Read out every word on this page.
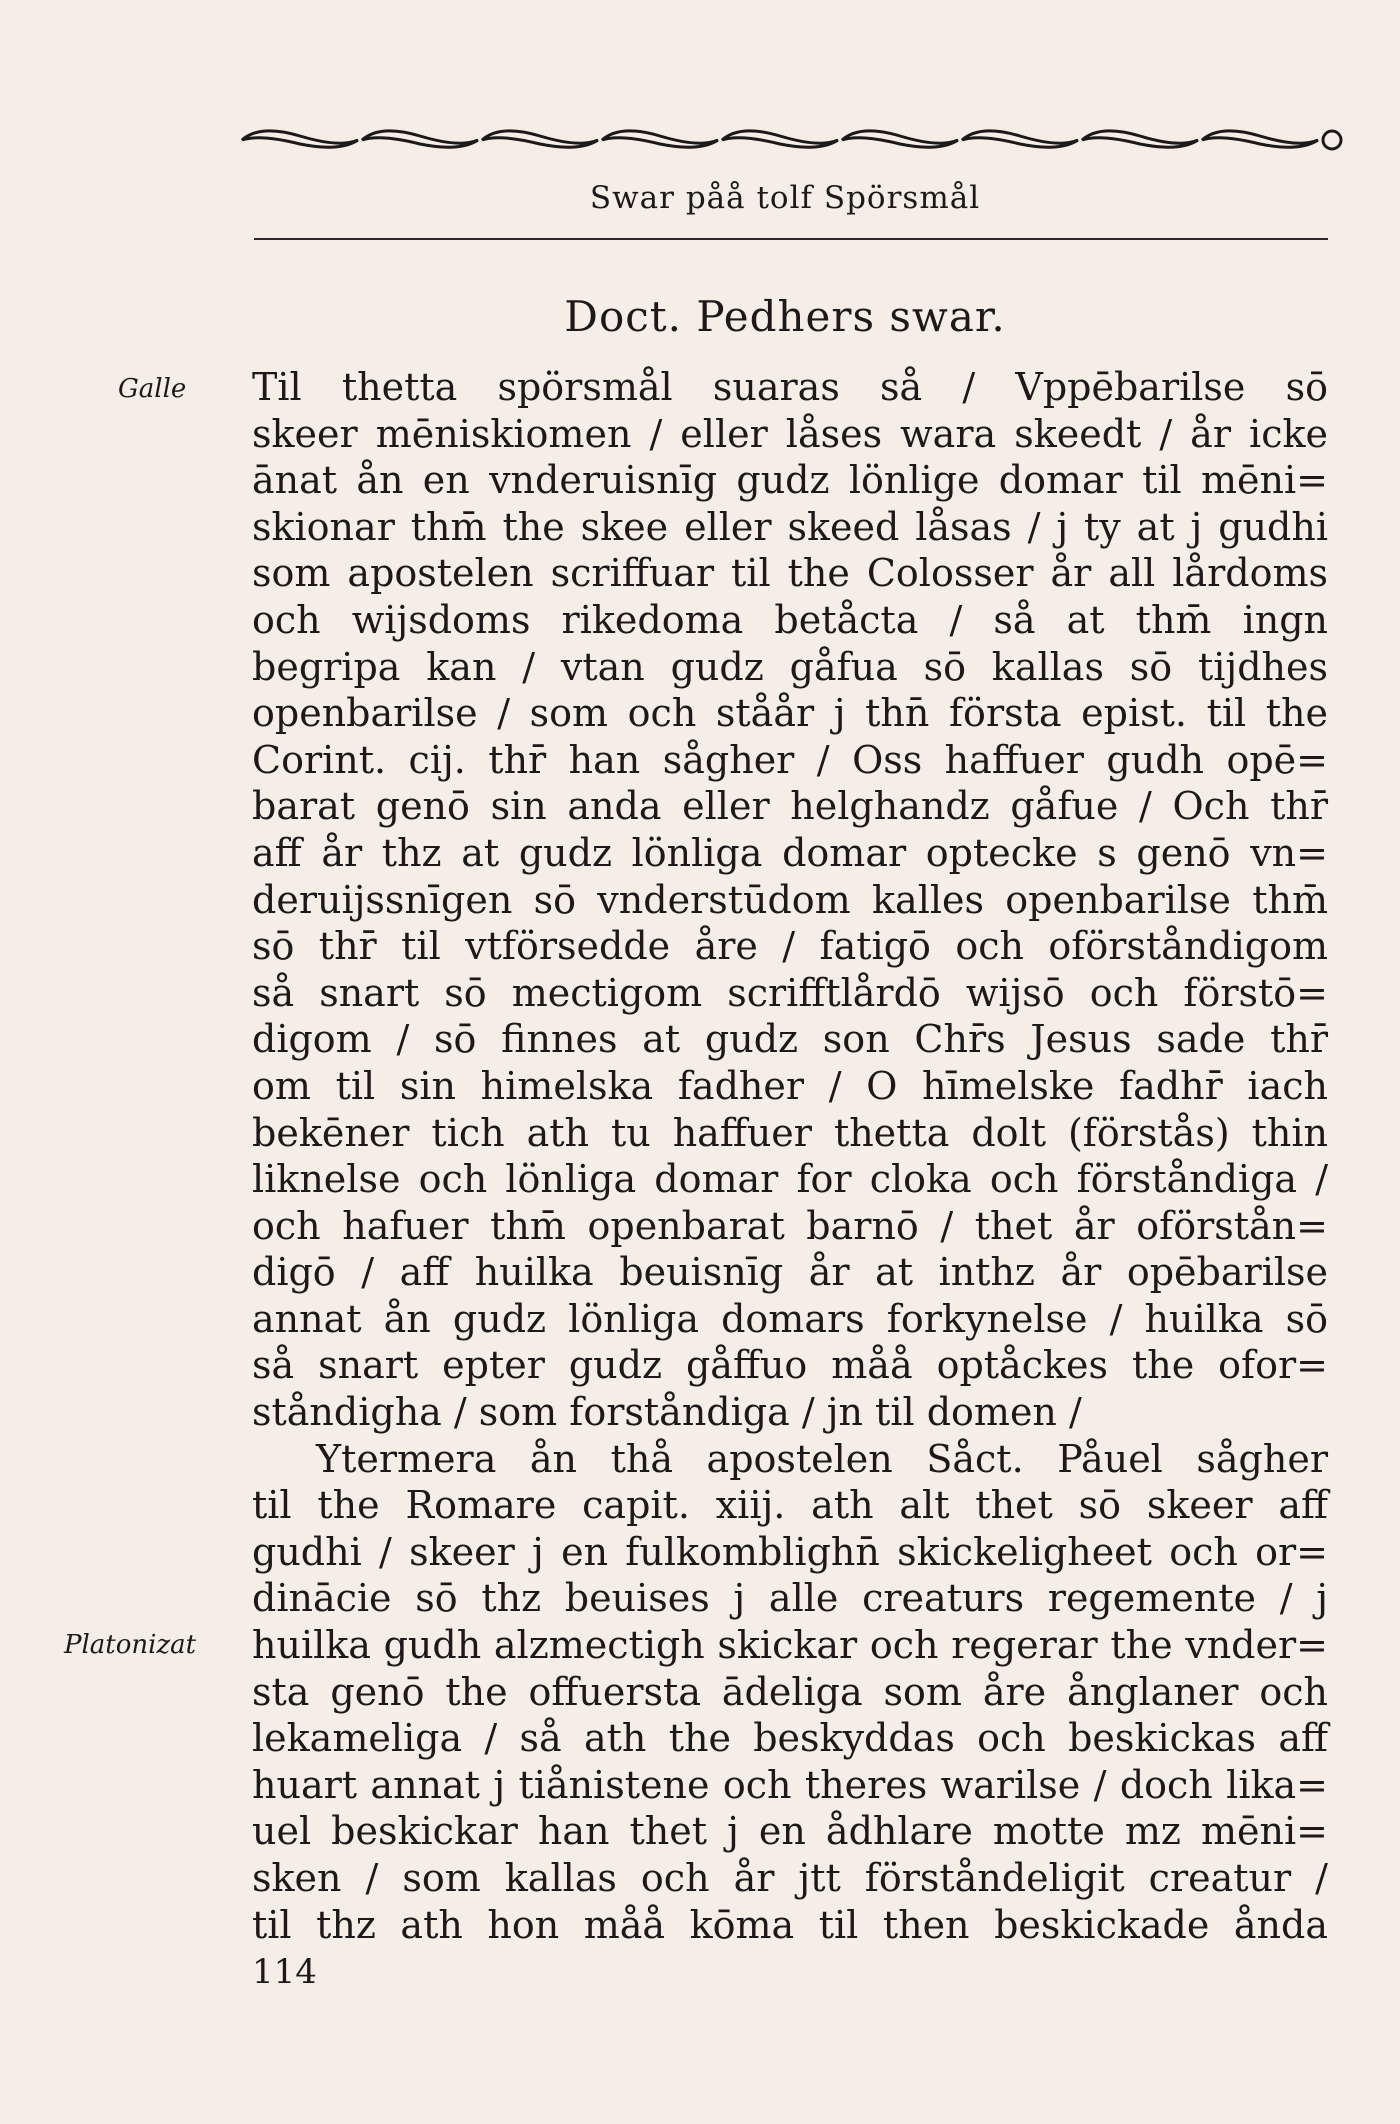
Swar påå tolf Spörsmål
Doct. Pedhers swar.
Galle
Platonizat
Til thetta spörsmål suaras så / Vppēbarilse sō
skeer mēniskiomen / eller låses wara skeedt / år icke
ānat ån en vnderuisnīg gudz lönlige domar til mēni=
skionar thm̄ the skee eller skeed låsas / j ty at j gudhi
som apostelen scriffuar til the Colosser år all lårdoms
och wijsdoms rikedoma betåcta / så at thm̄ ingn
begripa kan / vtan gudz gåfua sō kallas sō tijdhes
openbarilse / som och ståår j thn̄ första epist. til the
Corint. cij. thr̄ han sågher / Oss haffuer gudh opē=
barat genō sin anda eller helghandz gåfue / Och thr̄
aff år thz at gudz lönliga domar optecke s genō vn=
deruijssnīgen sō vnderstūdom kalles openbarilse thm̄
sō thr̄ til vtförsedde åre / fatigō och oförståndigom
så snart sō mectigom scrifftlårdō wijsō och förstō=
digom / sō finnes at gudz son Chr̄s Jesus sade thr̄
om til sin himelska fadher / O hīmelske fadhr̄ iach
bekēner tich ath tu haffuer thetta dolt (förstås) thin
liknelse och lönliga domar for cloka och förståndiga /
och hafuer thm̄ openbarat barnō / thet år oförstån=
digō / aff huilka beuisnīg år at inthz år opēbarilse
annat ån gudz lönliga domars forkynelse / huilka sō
så snart epter gudz gåffuo måå optåckes the ofor=
ståndigha / som forståndiga / jn til domen /
Ytermera ån thå apostelen Såct. Påuel sågher
til the Romare capit. xiij. ath alt thet sō skeer aff
gudhi / skeer j en fulkomblighn̄ skickeligheet och or=
dinācie sō thz beuises j alle creaturs regemente / j
huilka gudh alzmectigh skickar och regerar the vnder=
sta genō the offuersta ādeliga som åre ånglaner och
lekameliga / så ath the beskyddas och beskickas aff
huart annat j tiånistene och theres warilse / doch lika=
uel beskickar han thet j en ådhlare motte mz mēni=
sken / som kallas och år jtt förståndeligit creatur /
til thz ath hon måå kōma til then beskickade ånda
114
